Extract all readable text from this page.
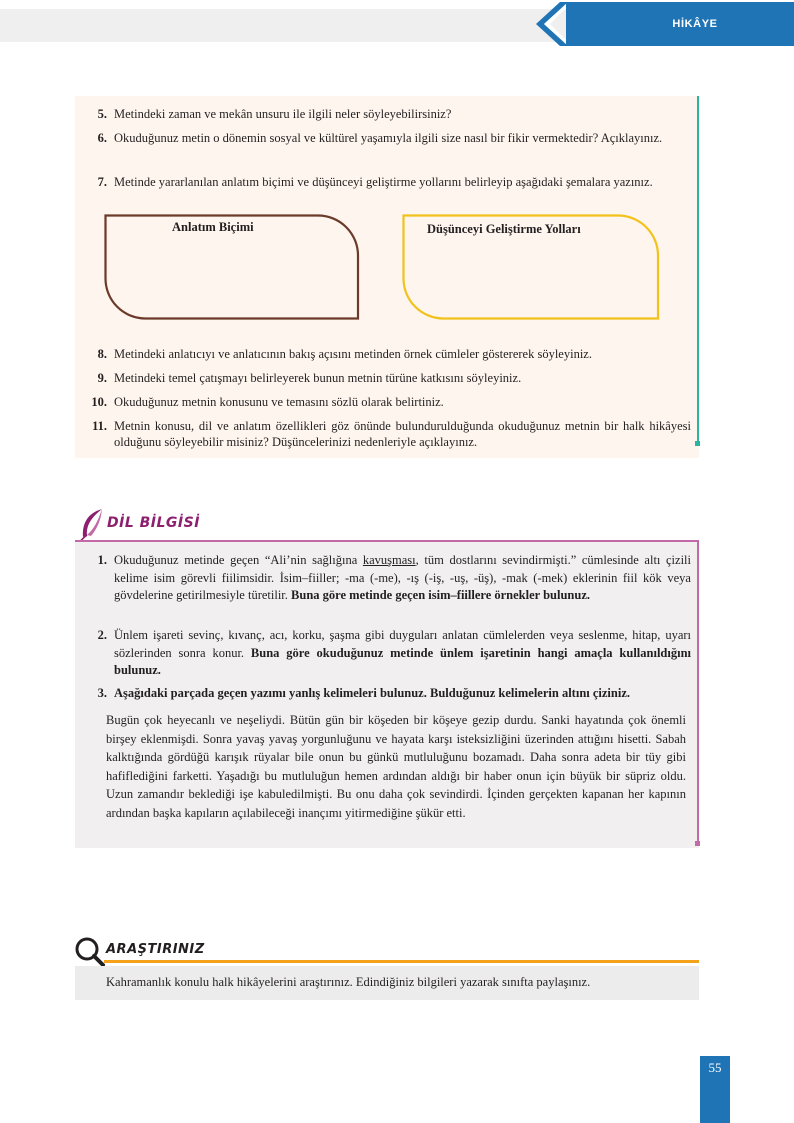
HİKÂYE
5. Metindeki zaman ve mekân unsuru ile ilgili neler söyleyebilirsiniz?
6. Okuduğunuz metin o dönemin sosyal ve kültürel yaşamıyla ilgili size nasıl bir fikir vermektedir? Açıklayınız.
7. Metinde yararlanılan anlatım biçimi ve düşünceyi geliştirme yollarını belirleyip aşağıdaki şemalara yazınız.
Anlatım Biçimi	Düşünceyi Geliştirme Yolları
8. Metindeki anlatıcıyı ve anlatıcının bakış açısını metinden örnek cümleler göstererek söyleyiniz.
9. Metindeki temel çatışmayı belirleyerek bunun metnin türüne katkısını söyleyiniz.
10. Okuduğunuz metnin konusunu ve temasını sözlü olarak belirtiniz.
11. Metnin konusu, dil ve anlatım özellikleri göz önünde bulundurulduğunda okuduğunuz metnin bir halk hikâyesi olduğunu söyleyebilir misiniz? Düşüncelerinizi nedenleriyle açıklayınız.
DİL BİLGİSİ
1. Okuduğunuz metinde geçen “Ali’nin sağlığına kavuşması, tüm dostlarını sevindirmişti.” cümlesinde altı çizili kelime isim görevli fiilimsidir. İsim–fiiller; -ma (-me), -ış (-iş, -uş, -üş), -mak (-mek) eklerinin fiil kök veya gövdelerine getirilmesiyle türetilir. Buna göre metinde geçen isim–fiillere örnekler bulunuz.
2. Ünlem işareti sevinç, kıvanç, acı, korku, şaşma gibi duyguları anlatan cümlelerden veya seslenme, hitap, uyarı sözlerinden sonra konur. Buna göre okuduğunuz metinde ünlem işaretinin hangi amaçla kullanıldığını bulunuz.
3. Aşağıdaki parçada geçen yazımı yanlış kelimeleri bulunuz. Bulduğunuz kelimelerin altını çiziniz.
Bugün çok heyecanlı ve neşeliydi. Bütün gün bir köşeden bir köşeye gezip durdu. Sanki hayatında çok önemli birşey eklenmişdi. Sonra yavaş yavaş yorgunluğunu ve hayata karşı isteksizliğini üzerinden attığını hisetti. Sabah kalktığında gördüğü karışık rüyalar bile onun bu günkü mutluluğunu bozamadı. Daha sonra adeta bir tüy gibi hafiflediğini farketti. Yaşadığı bu mutluluğun hemen ardından aldığı bir haber onun için büyük bir süpriz oldu. Uzun zamandır beklediği işe kabuledilmişti. Bu onu daha çok sevindirdi. İçinden gerçekten kapanan her kapının ardından başka kapıların açılabileceği inançımı yitirmediğine şükür etti.
ARAŞTIRINIZ
Kahramanlık konulu halk hikâyelerini araştırınız. Edindiğiniz bilgileri yazarak sınıfta paylaşınız.
55
